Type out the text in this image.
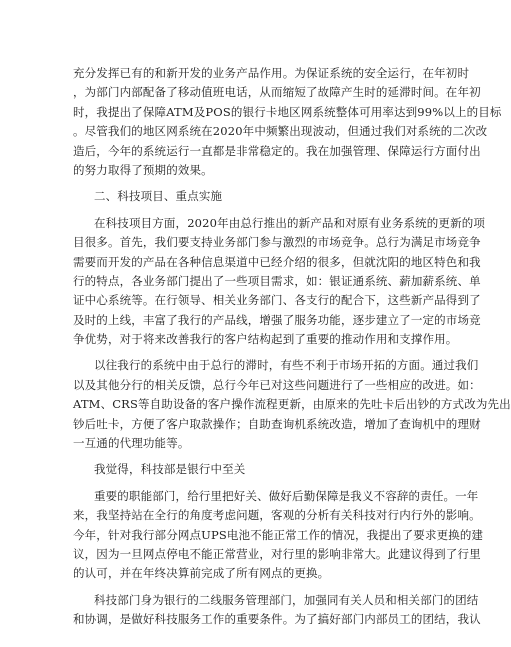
充分发挥已有的和新开发的业务产品作用。为保证系统的安全运行，在年初时
，为部门内部配备了移动值班电话，从而缩短了故障产生时的延滞时间。在年初
时，我提出了保障ATM及POS的银行卡地区网系统整体可用率达到99%以上的目标
。尽管我们的地区网系统在2020年中频繁出现波动，但通过我们对系统的二次改
造后，今年的系统运行一直都是非常稳定的。我在加强管理、保障运行方面付出
的努力取得了预期的效果。
二、科技项目、重点实施
在科技项目方面，2020年由总行推出的新产品和对原有业务系统的更新的项
目很多。首先，我们要支持业务部门参与激烈的市场竞争。总行为满足市场竞争
需要而开发的产品在各种信息渠道中已经介绍的很多，但就沈阳的地区特色和我
行的特点，各业务部门提出了一些项目需求，如：银证通系统、薪加薪系统、单
证中心系统等。在行领导、相关业务部门、各支行的配合下，这些新产品得到了
及时的上线，丰富了我行的产品线，增强了服务功能，逐步建立了一定的市场竞
争优势，对于将来改善我行的客户结构起到了重要的推动作用和支撑作用。
以往我行的系统中由于总行的滞时，有些不利于市场开拓的方面。通过我们
以及其他分行的相关反馈，总行今年已对这些问题进行了一些相应的改进。如：
ATM、CRS等自助设备的客户操作流程更新，由原来的先吐卡后出钞的方式改为先出
钞后吐卡，方便了客户取款操作；自助查询机系统改造，增加了查询机中的理财
一互通的代理功能等。
我觉得，科技部是银行中至关
重要的职能部门，给行里把好关、做好后勤保障是我义不容辞的责任。一年
来，我坚持站在全行的角度考虑问题，客观的分析有关科技对行内行外的影响。
今年，针对我行部分网点UPS电池不能正常工作的情况，我提出了要求更换的建
议，因为一旦网点停电不能正常营业，对行里的影响非常大。此建议得到了行里
的认可，并在年终决算前完成了所有网点的更换。
科技部门身为银行的二线服务管理部门，加强同有关人员和相关部门的团结
和协调，是做好科技服务工作的重要条件。为了搞好部门内部员工的团结，我认
